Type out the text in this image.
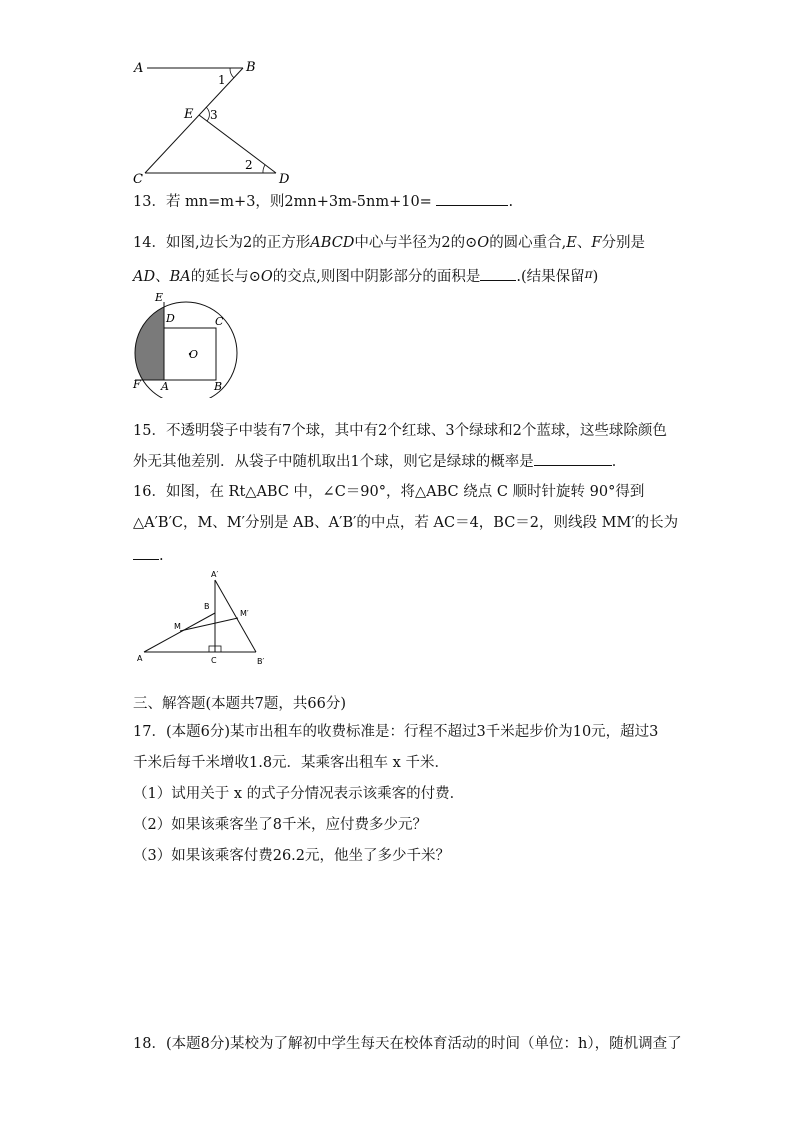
A	B
1
E 3
2
C	D
13．若 mn=m+3，则2mn+3m-5nm+10=	.
14．如图,边长为2的正方形ABCD中心与半径为2的⊙O的圆心重合,E、F分别是
AD、BA的延长与⊙O的交点,则图中阴影部分的面积是 .(结果保留$^\pi$)
E
D	C
O
F A	B
15．不透明袋子中装有7个球，其中有2个红球、3个绿球和2个蓝球，这些球除颜色
外无其他差别．从袋子中随机取出1个球，则它是绿球的概率是	．
16．如图，在 Rt△ABC 中，∠C＝90°，将△ABC 绕点 C 顺时针旋转 90°得到
△A′B′C，M、M′分别是 AB、A′B′的中点，若 AC＝4，BC＝2，则线段 MM′的长为
.
A′
B
M′
M
A	C	B′
三、解答题(本题共7题，共66分)
17．(本题6分)某市出租车的收费标准是：行程不超过3千米起步价为10元，超过3
千米后每千米增收1.8元．某乘客出租车 x 千米．
（1）试用关于 x 的式子分情况表示该乘客的付费．
（2）如果该乘客坐了8千米，应付费多少元？
（3）如果该乘客付费26.2元，他坐了多少千米？
18．(本题8分)某校为了解初中学生每天在校体育活动的时间（单位：h），随机调查了
